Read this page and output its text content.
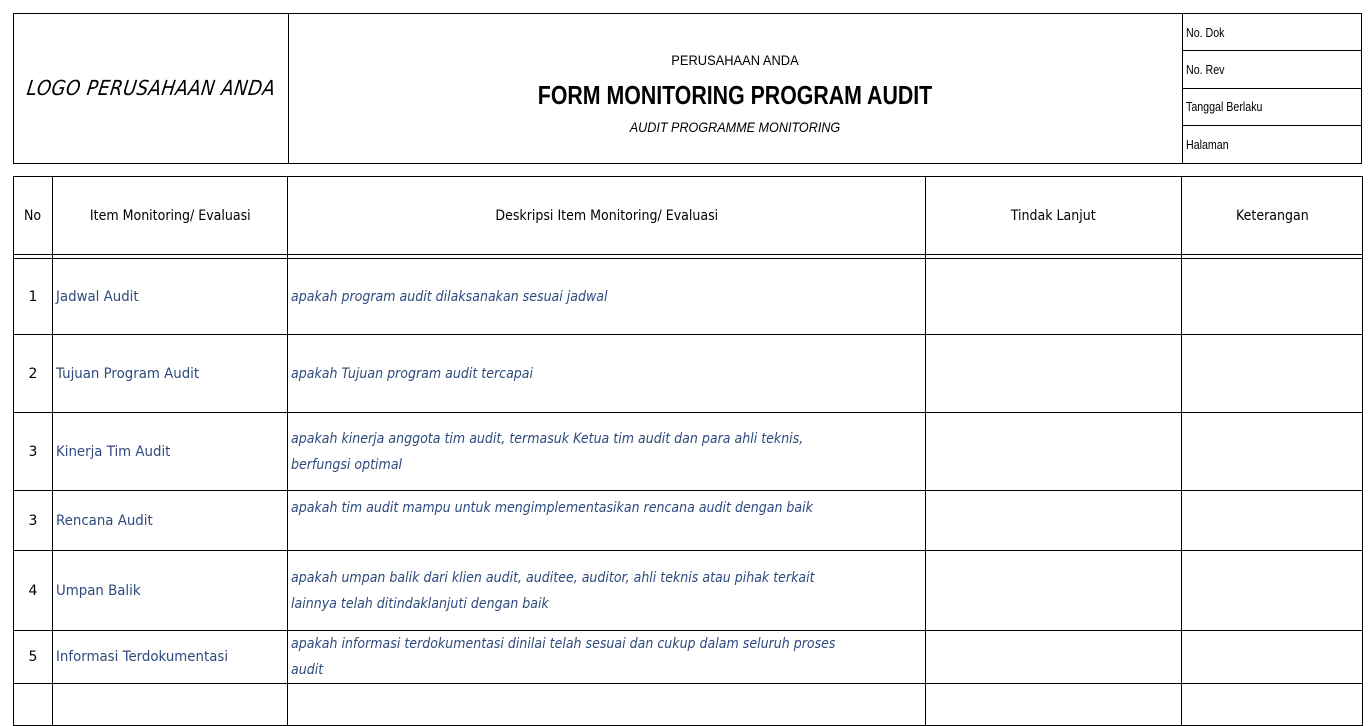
LOGO PERUSAHAAN ANDA
PERUSAHAAN ANDA
FORM MONITORING PROGRAM AUDIT
AUDIT PROGRAMME MONITORING
No. Dok
No. Rev
Tanggal Berlaku
Halaman
No	Item Monitoring/ Evaluasi	Deskripsi Item Monitoring/ Evaluasi	Tindak Lanjut	Keterangan

1	Jadwal Audit	apakah program audit dilaksanakan sesuai jadwal		
2	Tujuan Program Audit	apakah Tujuan program audit tercapai		
3	Kinerja Tim Audit	apakah kinerja anggota tim audit, termasuk Ketua tim audit dan para ahli teknis, berfungsi optimal		
3	Rencana Audit	apakah tim audit mampu untuk mengimplementasikan rencana audit dengan baik		
4	Umpan Balik	apakah umpan balik dari klien audit, auditee, auditor, ahli teknis atau pihak terkait lainnya telah ditindaklanjuti dengan baik		
5	Informasi Terdokumentasi	apakah informasi terdokumentasi dinilai telah sesuai dan cukup dalam seluruh proses audit		
